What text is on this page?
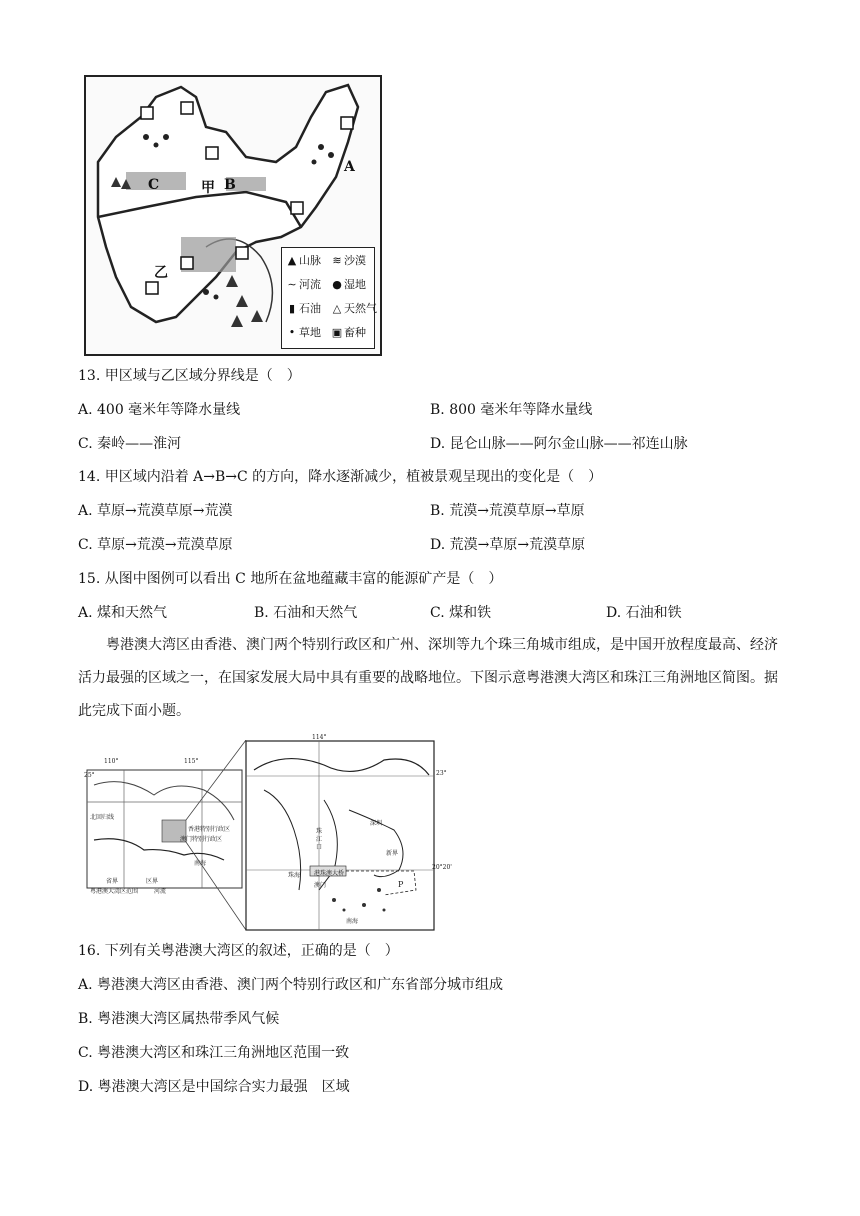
A
B
C	甲
乙
▲ 山脉 ≋ 沙漠
∼ 河流 ● 湿地
▮ 石油 △ 天然气
• 草地 ▣ 畜种
13. 甲区域与乙区域分界线是（　）
A. 400 毫米年等降水量线	B. 800 毫米年等降水量线
C. 秦岭——淮河	D. 昆仑山脉——阿尔金山脉——祁连山脉
14. 甲区域内沿着 A→B→C 的方向，降水逐渐减少，植被景观呈现出的变化是（　）
A. 草原→荒漠草原→荒漠	B. 荒漠→荒漠草原→草原
C. 草原→荒漠→荒漠草原	D. 荒漠→草原→荒漠草原
15. 从图中图例可以看出 C 地所在盆地蕴藏丰富的能源矿产是（　）
A. 煤和天然气	B. 石油和天然气	C. 煤和铁	D. 石油和铁
粤港澳大湾区由香港、澳门两个特别行政区和广州、深圳等九个珠三角城市组成，是中国开放程度最高、经济活力最强的区域之一，在国家发展大局中具有重要的战略地位。下图示意粤港澳大湾区和珠江三角洲地区简图。据此完成下面小题。
110°	115°
25°
北回归线
香港特别行政区
澳门特别行政区
南海
省界	区界
粤港澳大湾区范围	河流
114°
23°
20°20'
珠
江
口
深圳
新界
珠海
澳门
港珠澳大桥
P
南海
16. 下列有关粤港澳大湾区的叙述，正确的是（　）
A. 粤港澳大湾区由香港、澳门两个特别行政区和广东省部分城市组成
B. 粤港澳大湾区属热带季风气候
C. 粤港澳大湾区和珠江三角洲地区范围一致
D. 粤港澳大湾区是中国综合实力最强　区域
